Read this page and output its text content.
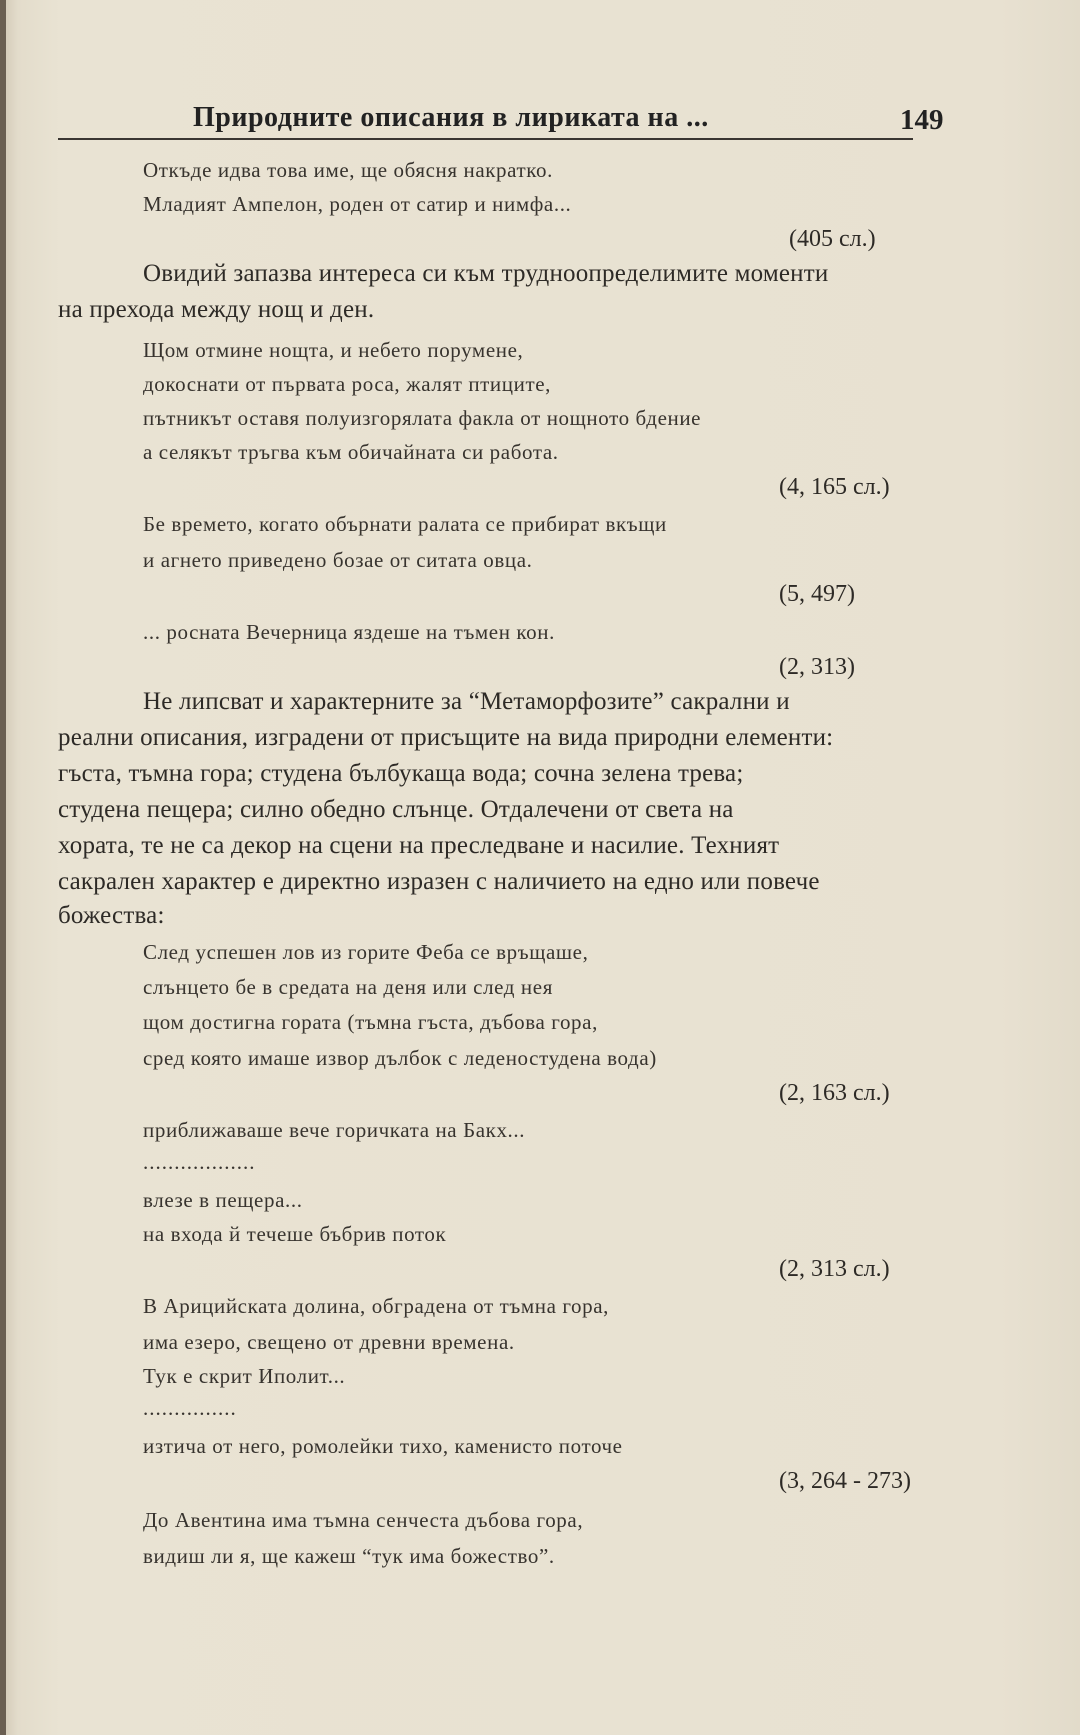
Природните описания в лириката на ...	149
Откъде идва това име, ще обясня накратко.
Младият Ампелон, роден от сатир и нимфа...
(405 сл.)
Овидий запазва интереса си към трудноопределимите моменти
на прехода между нощ и ден.
Щом отмине нощта, и небето порумене,
докоснати от първата роса, жалят птиците,
пътникът оставя полуизгорялата факла от нощното бдение
а селякът тръгва към обичайната си работа.
(4, 165 сл.)
Бе времето, когато обърнати ралата се прибират вкъщи
и агнето приведено бозае от ситата овца.
(5, 497)
... росната Вечерница яздеше на тъмен кон.
(2, 313)
Не липсват и характерните за “Метаморфозите” сакрални и
реални описания, изградени от присъщите на вида природни елементи:
гъста, тъмна гора; студена бълбукаща вода; сочна зелена трева;
студена пещера; силно обедно слънце. Отдалечени от света на
хората, те не са декор на сцени на преследване и насилие. Техният
сакрален характер е директно изразен с наличието на едно или повече
божества:
След успешен лов из горите Феба се връщаше,
слънцето бе в средата на деня или след нея
щом достигна гората (тъмна гъста, дъбова гора,
сред която имаше извор дълбок с леденостудена вода)
(2, 163 сл.)
приближаваше вече горичката на Бакх...
..................
влезе в пещера...
на входа й течеше бъбрив поток
(2, 313 сл.)
В Арицийската долина, обградена от тъмна гора,
има езеро, свещено от древни времена.
Тук е скрит Иполит...
...............
изтича от него, ромолейки тихо, каменисто поточе
(3, 264 - 273)
До Авентина има тъмна сенчеста дъбова гора,
видиш ли я, ще кажеш “тук има божество”.
